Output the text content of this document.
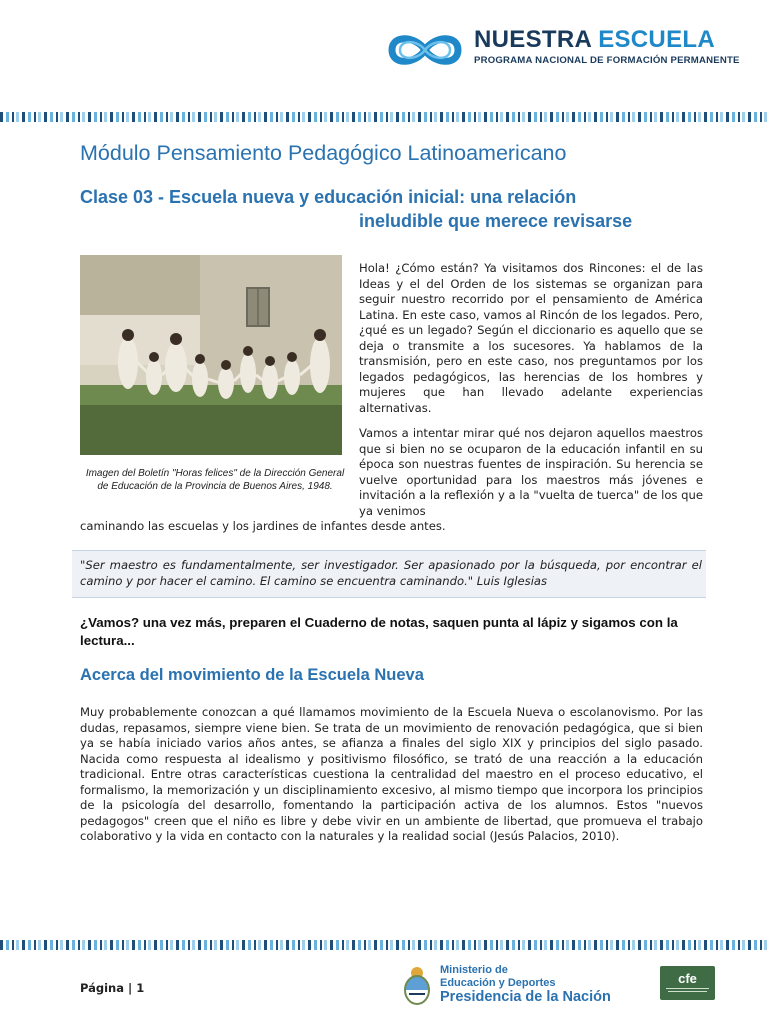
NUESTRA ESCUELA
PROGRAMA NACIONAL DE FORMACIÓN PERMANENTE
Módulo Pensamiento Pedagógico Latinoamericano
Clase 03 - Escuela nueva y educación inicial: una relación
ineludible que merece revisarse
Imagen del Boletín "Horas felices" de la Dirección General
de Educación de la Provincia de Buenos Aires, 1948.
Hola! ¿Cómo están? Ya visitamos dos Rincones: el de las Ideas y el del Orden de los sistemas se organizan para seguir nuestro recorrido por el pensamiento de América Latina. En este caso, vamos al Rincón de los legados. Pero, ¿qué es un legado? Según el diccionario es aquello que se deja o transmite a los sucesores. Ya hablamos de la transmisión, pero en este caso, nos preguntamos por los legados pedagógicos, las herencias de los hombres y mujeres que han llevado adelante experiencias alternativas.
Vamos a intentar mirar qué nos dejaron aquellos maestros que si bien no se ocuparon de la educación infantil en su época son nuestras fuentes de inspiración. Su herencia se vuelve oportunidad para los maestros más jóvenes e invitación a la reflexión y a la "vuelta de tuerca" de los que ya venimos
caminando las escuelas y los jardines de infantes desde antes.
"Ser maestro es fundamentalmente, ser investigador. Ser apasionado por la búsqueda, por encontrar el camino y por hacer el camino. El camino se encuentra caminando." Luis Iglesias
¿Vamos? una vez más, preparen el Cuaderno de notas, saquen punta al lápiz y sigamos con la lectura...
Acerca del movimiento de la Escuela Nueva
Muy probablemente conozcan a qué llamamos movimiento de la Escuela Nueva o escolanovismo. Por las dudas, repasamos, siempre viene bien. Se trata de un movimiento de renovación pedagógica, que si bien ya se había iniciado varios años antes, se afianza a finales del siglo XIX y principios del siglo pasado. Nacida como respuesta al idealismo y positivismo filosófico, se trató de una reacción a la educación tradicional. Entre otras características cuestiona la centralidad del maestro en el proceso educativo, el formalismo, la memorización y un disciplinamiento excesivo, al mismo tiempo que incorpora los principios de la psicología del desarrollo, fomentando la participación activa de los alumnos. Estos "nuevos pedagogos" creen que el niño es libre y debe vivir en un ambiente de libertad, que promueva el trabajo colaborativo y la vida en contacto con la naturales y la realidad social (Jesús Palacios, 2010).
Página | 1
Ministerio de
Educación y Deportes
Presidencia de la Nación
cfe
